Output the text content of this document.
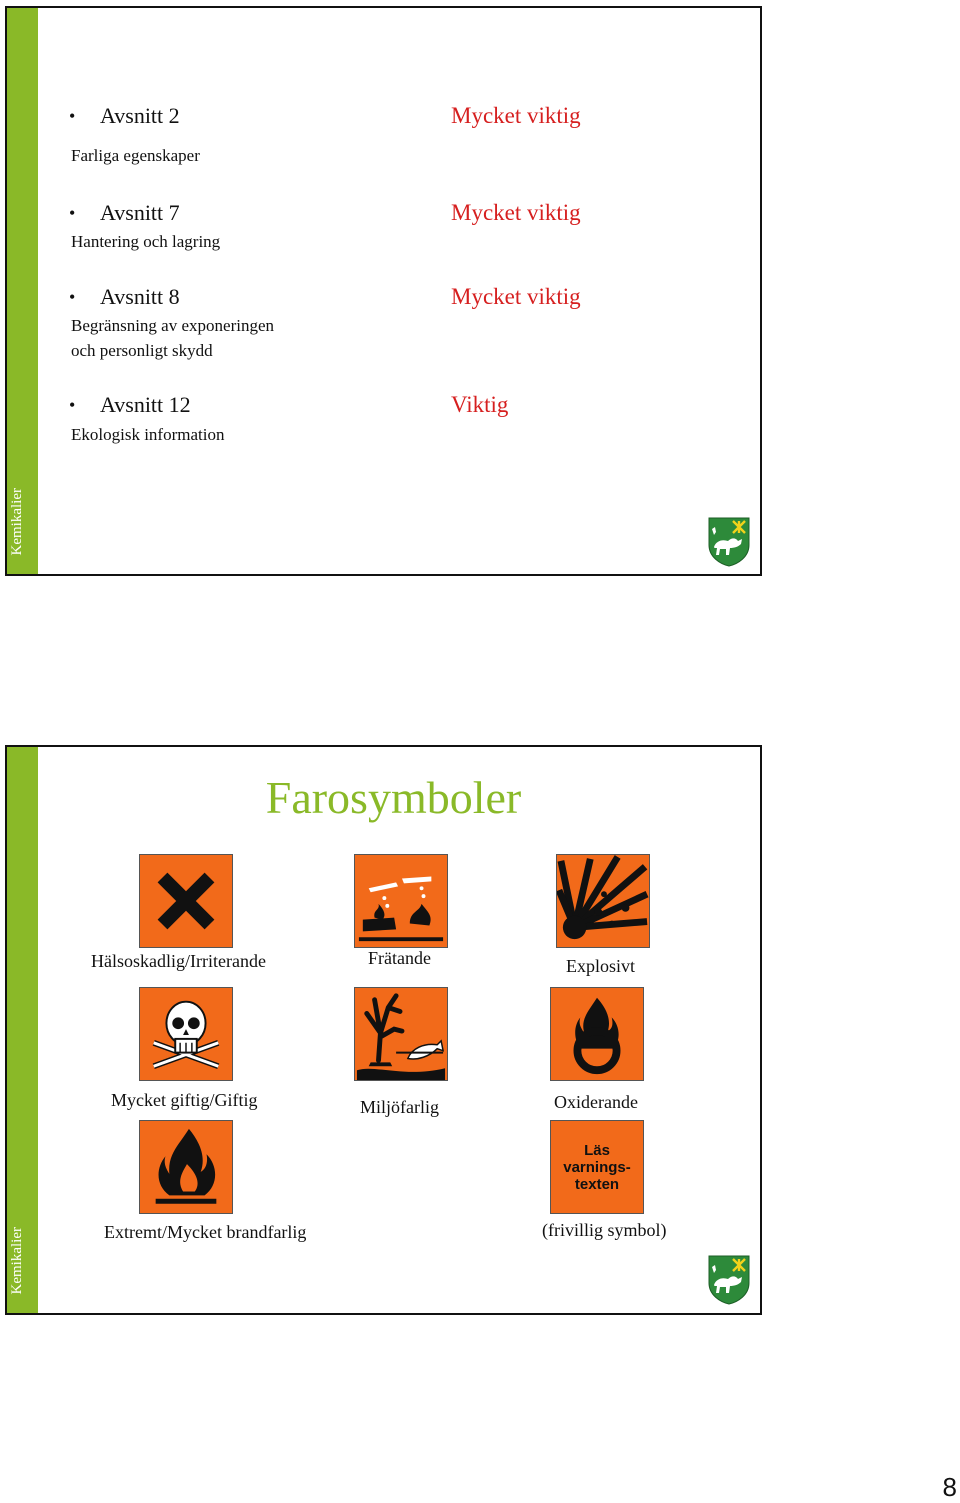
Kemikalier
• Avsnitt 2
Farliga egenskaper
Mycket viktig
• Avsnitt 7
Hantering och lagring
Mycket viktig
• Avsnitt 8
Begränsning av exponeringen
och personligt skydd
Mycket viktig
• Avsnitt 12
Ekologisk information
Viktig
Kemikalier
Farosymboler
Hälsoskadlig/Irriterande	Frätande	Explosivt
Mycket giftig/Giftig	Miljöfarlig	Oxiderande
Extremt/Mycket brandfarlig
Läs
varnings-
texten
(frivillig symbol)
8
